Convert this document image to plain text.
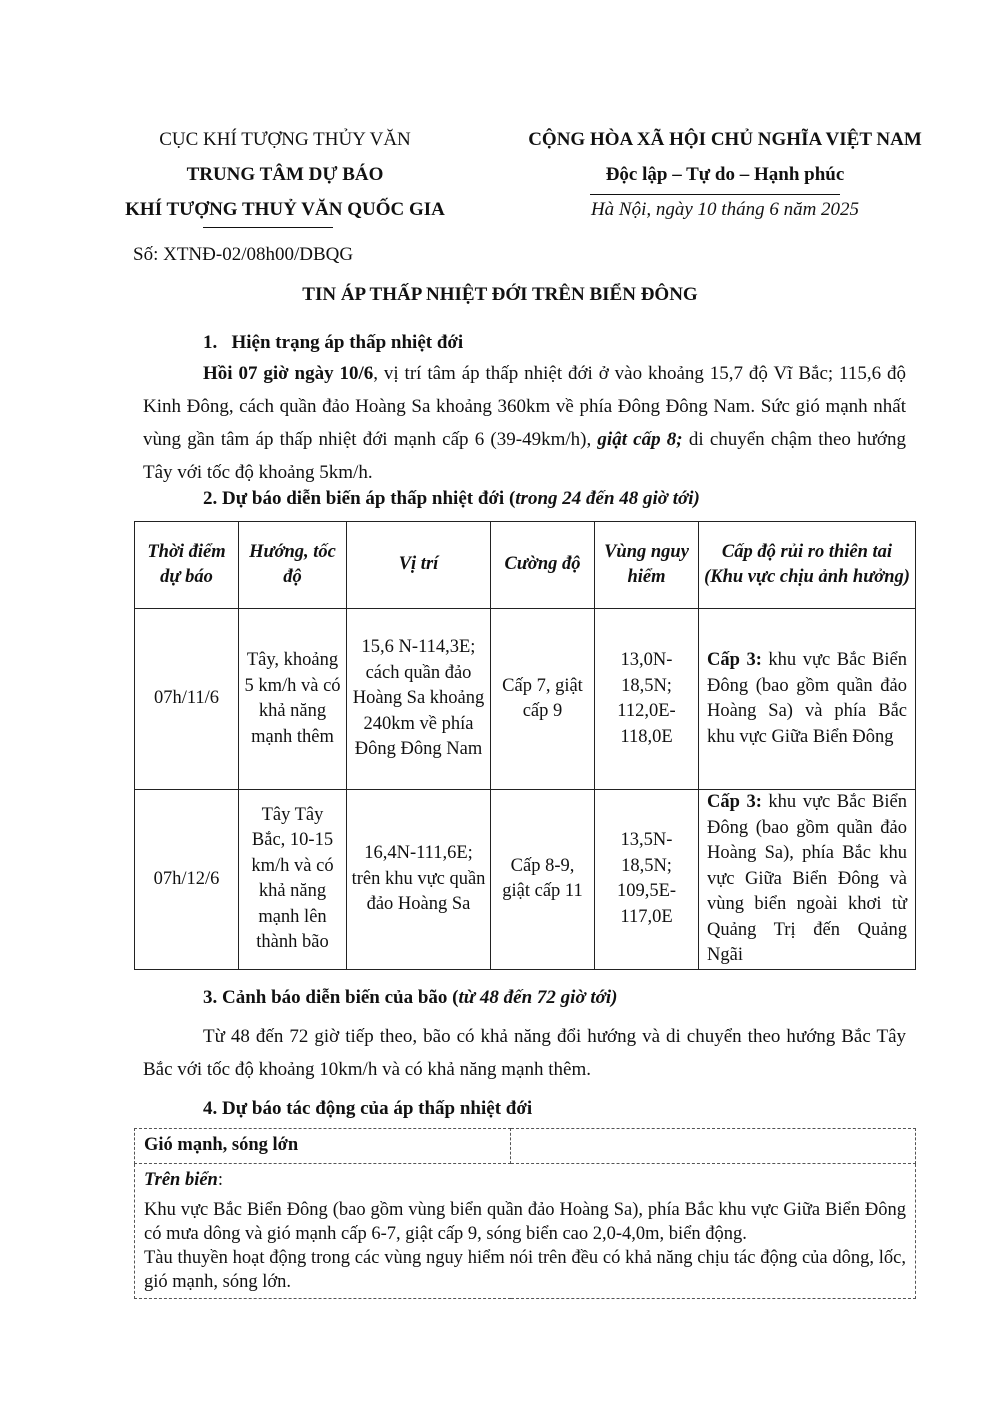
CỤC KHÍ TƯỢNG THỦY VĂN
TRUNG TÂM DỰ BÁO
KHÍ TƯỢNG THUỶ VĂN QUỐC GIA
Số: XTNĐ-02/08h00/DBQG
CỘNG HÒA XÃ HỘI CHỦ NGHĨA VIỆT NAM
Độc lập – Tự do – Hạnh phúc
Hà Nội, ngày 10 tháng 6 năm 2025
TIN ÁP THẤP NHIỆT ĐỚI TRÊN BIỂN ĐÔNG
1. Hiện trạng áp thấp nhiệt đới
Hồi 07 giờ ngày 10/6, vị trí tâm áp thấp nhiệt đới ở vào khoảng 15,7 độ Vĩ Bắc; 115,6 độ Kinh Đông, cách quần đảo Hoàng Sa khoảng 360km về phía Đông Đông Nam. Sức gió mạnh nhất vùng gần tâm áp thấp nhiệt đới mạnh cấp 6 (39-49km/h), giật cấp 8; di chuyển chậm theo hướng Tây với tốc độ khoảng 5km/h.
2. Dự báo diễn biến áp thấp nhiệt đới (trong 24 đến 48 giờ tới)
Thời điểm dự báo	Hướng, tốc độ	Vị trí	Cường độ	Vùng nguy hiểm	Cấp độ rủi ro thiên tai (Khu vực chịu ảnh hưởng)
07h/11/6	Tây, khoảng 5 km/h và có khả năng mạnh thêm	15,6 N-114,3E; cách quần đảo Hoàng Sa khoảng 240km về phía Đông Đông Nam	Cấp 7, giật cấp 9	13,0N-18,5N; 112,0E-118,0E	Cấp 3: khu vực Bắc Biển Đông (bao gồm quần đảo Hoàng Sa) và phía Bắc khu vực Giữa Biển Đông
07h/12/6	Tây Tây Bắc, 10-15 km/h và có khả năng mạnh lên thành bão	16,4N-111,6E; trên khu vực quần đảo Hoàng Sa	Cấp 8-9, giật cấp 11	13,5N-18,5N; 109,5E-117,0E	Cấp 3: khu vực Bắc Biển Đông (bao gồm quần đảo Hoàng Sa), phía Bắc khu vực Giữa Biển Đông và vùng biển ngoài khơi từ Quảng Trị đến Quảng Ngãi
3. Cảnh báo diễn biến của bão (từ 48 đến 72 giờ tới)
Từ 48 đến 72 giờ tiếp theo, bão có khả năng đổi hướng và di chuyển theo hướng Bắc Tây Bắc với tốc độ khoảng 10km/h và có khả năng mạnh thêm.
4. Dự báo tác động của áp thấp nhiệt đới
Gió mạnh, sóng lớn	

Trên biển:
Khu vực Bắc Biển Đông (bao gồm vùng biển quần đảo Hoàng Sa), phía Bắc khu vực Giữa Biển Đông có mưa dông và gió mạnh cấp 6-7, giật cấp 9, sóng biển cao 2,0-4,0m, biển động.
Tàu thuyền hoạt động trong các vùng nguy hiểm nói trên đều có khả năng chịu tác động của dông, lốc, gió mạnh, sóng lớn.
